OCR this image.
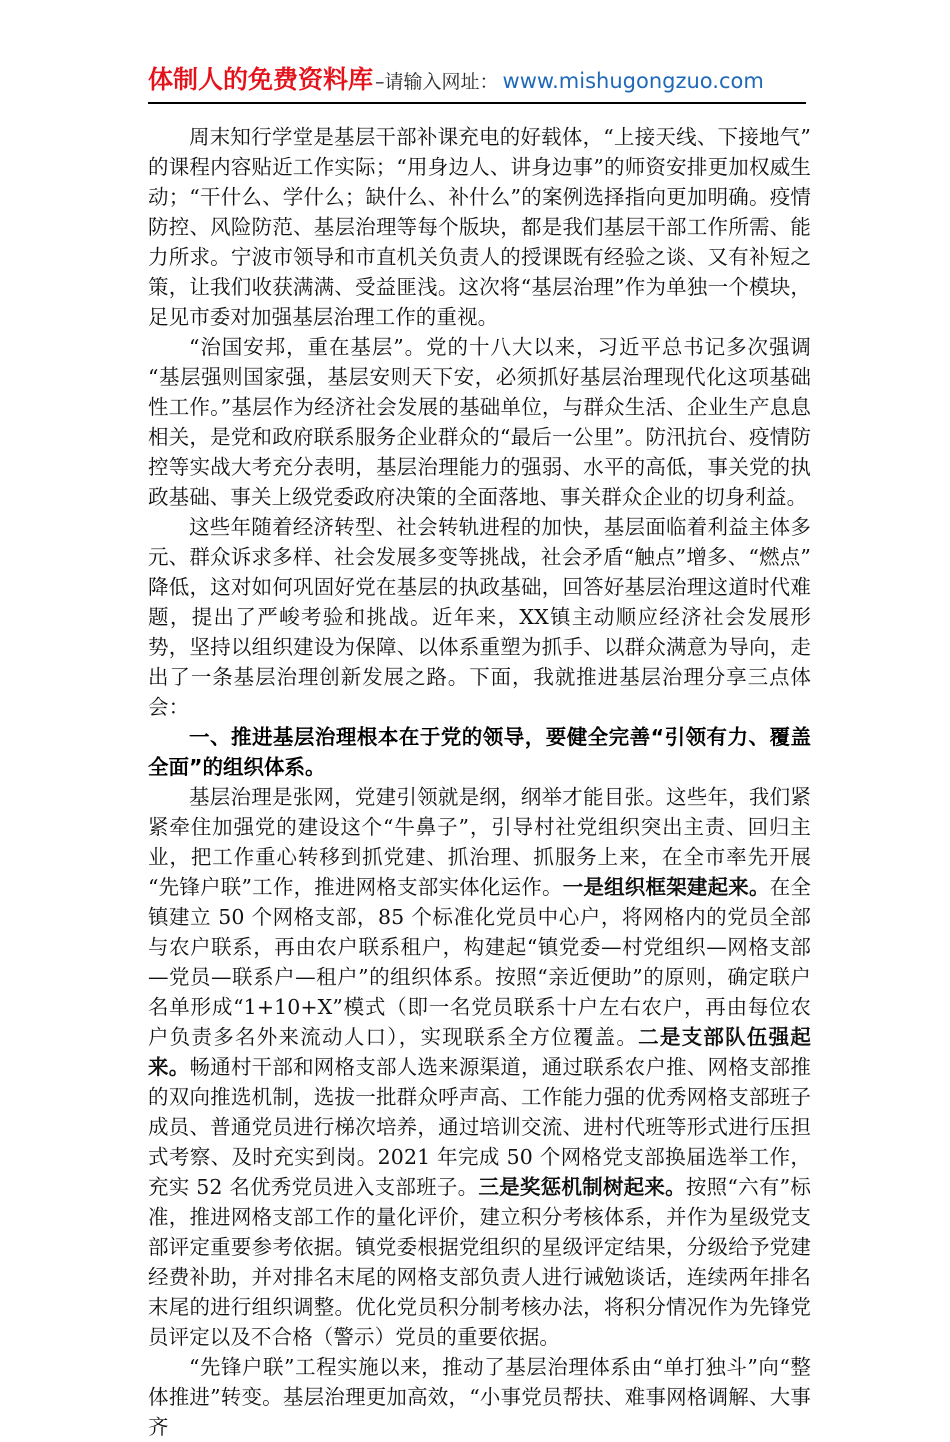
体制人的免费资料库 –请输入网址： www.mishugongzuo.com

周末知行学堂是基层干部补课充电的好载体，“上接天线、下接地气”的课程内容贴近工作实际；“用身边人、讲身边事”的师资安排更加权威生动；“干什么、学什么；缺什么、补什么”的案例选择指向更加明确。疫情防控、风险防范、基层治理等每个版块，都是我们基层干部工作所需、能力所求。宁波市领导和市直机关负责人的授课既有经验之谈、又有补短之策，让我们收获满满、受益匪浅。这次将“基层治理”作为单独一个模块，足见市委对加强基层治理工作的重视。

“治国安邦，重在基层”。党的十八大以来，习近平总书记多次强调“基层强则国家强，基层安则天下安，必须抓好基层治理现代化这项基础性工作。”基层作为经济社会发展的基础单位，与群众生活、企业生产息息相关，是党和政府联系服务企业群众的“最后一公里”。防汛抗台、疫情防控等实战大考充分表明，基层治理能力的强弱、水平的高低，事关党的执政基础、事关上级党委政府决策的全面落地、事关群众企业的切身利益。

这些年随着经济转型、社会转轨进程的加快，基层面临着利益主体多元、群众诉求多样、社会发展多变等挑战，社会矛盾“触点”增多、“燃点”降低，这对如何巩固好党在基层的执政基础，回答好基层治理这道时代难题，提出了严峻考验和挑战。近年来，XX镇主动顺应经济社会发展形势，坚持以组织建设为保障、以体系重塑为抓手、以群众满意为导向，走出了一条基层治理创新发展之路。下面，我就推进基层治理分享三点体会：

一、推进基层治理根本在于党的领导，要健全完善“引领有力、覆盖全面”的组织体系。

基层治理是张网，党建引领就是纲，纲举才能目张。这些年，我们紧紧牵住加强党的建设这个“牛鼻子”，引导村社党组织突出主责、回归主业，把工作重心转移到抓党建、抓治理、抓服务上来，在全市率先开展“先锋户联”工作，推进网格支部实体化运作。一是组织框架建起来。在全镇建立 50 个网格支部，85 个标准化党员中心户，将网格内的党员全部与农户联系，再由农户联系租户，构建起“镇党委—村党组织—网格支部—党员—联系户—租户”的组织体系。按照“亲近便助”的原则，确定联户名单形成“1+10+X”模式（即一名党员联系十户左右农户，再由每位农户负责多名外来流动人口），实现联系全方位覆盖。二是支部队伍强起来。畅通村干部和网格支部人选来源渠道，通过联系农户推、网格支部推的双向推选机制，选拔一批群众呼声高、工作能力强的优秀网格支部班子成员、普通党员进行梯次培养，通过培训交流、进村代班等形式进行压担式考察、及时充实到岗。2021 年完成 50 个网格党支部换届选举工作，充实 52 名优秀党员进入支部班子。三是奖惩机制树起来。按照“六有”标准，推进网格支部工作的量化评价，建立积分考核体系，并作为星级党支部评定重要参考依据。镇党委根据党组织的星级评定结果，分级给予党建经费补助，并对排名末尾的网格支部负责人进行诫勉谈话，连续两年排名末尾的进行组织调整。优化党员积分制考核办法，将积分情况作为先锋党员评定以及不合格（警示）党员的重要依据。

“先锋户联”工程实施以来，推动了基层治理体系由“单打独斗”向“整体推进”转变。基层治理更加高效，“小事党员帮扶、难事网格调解、大事齐
